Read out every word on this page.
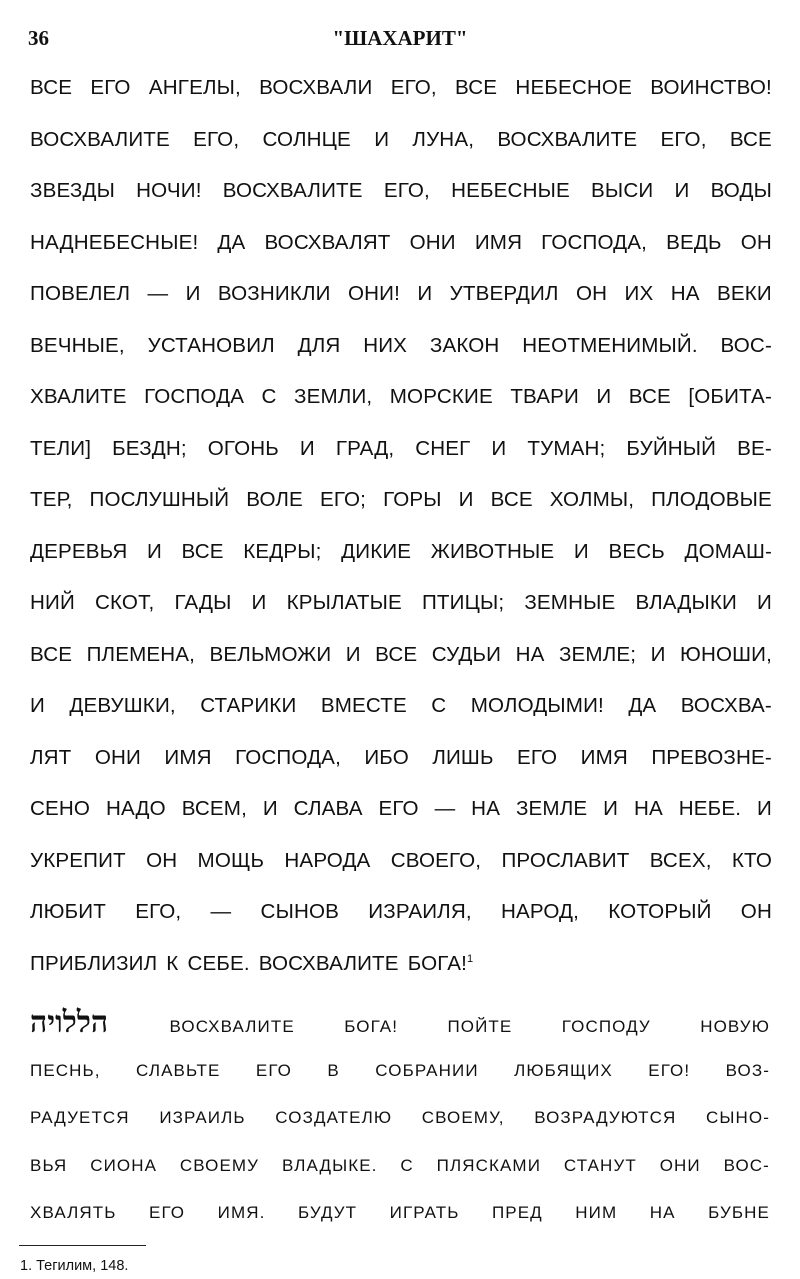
36	"ШАХАРИТ"
ВСЕ ЕГО АНГЕЛЫ, ВОСХВАЛИ ЕГО, ВСЕ НЕБЕСНОЕ ВОИНСТВО!
ВОСХВАЛИТЕ ЕГО, СОЛНЦЕ И ЛУНА, ВОСХВАЛИТЕ ЕГО, ВСЕ
ЗВЕЗДЫ НОЧИ! ВОСХВАЛИТЕ ЕГО, НЕБЕСНЫЕ ВЫСИ И ВОДЫ
НАДНЕБЕСНЫЕ! ДА ВОСХВАЛЯТ ОНИ ИМЯ ГОСПОДА, ВЕДЬ ОН
ПОВЕЛЕЛ — И ВОЗНИКЛИ ОНИ! И УТВЕРДИЛ ОН ИХ НА ВЕКИ
ВЕЧНЫЕ, УСТАНОВИЛ ДЛЯ НИХ ЗАКОН НЕОТМЕНИМЫЙ. ВОС-
ХВАЛИТЕ ГОСПОДА С ЗЕМЛИ, МОРСКИЕ ТВАРИ И ВСЕ [ОБИТА-
ТЕЛИ] БЕЗДН; ОГОНЬ И ГРАД, СНЕГ И ТУМАН; БУЙНЫЙ ВЕ-
ТЕР, ПОСЛУШНЫЙ ВОЛЕ ЕГО; ГОРЫ И ВСЕ ХОЛМЫ, ПЛОДОВЫЕ
ДЕРЕВЬЯ И ВСЕ КЕДРЫ; ДИКИЕ ЖИВОТНЫЕ И ВЕСЬ ДОМАШ-
НИЙ СКОТ, ГАДЫ И КРЫЛАТЫЕ ПТИЦЫ; ЗЕМНЫЕ ВЛАДЫКИ И
ВСЕ ПЛЕМЕНА, ВЕЛЬМОЖИ И ВСЕ СУДЬИ НА ЗЕМЛЕ; И ЮНОШИ,
И ДЕВУШКИ, СТАРИКИ ВМЕСТЕ С МОЛОДЫМИ! ДА ВОСХВА-
ЛЯТ ОНИ ИМЯ ГОСПОДА, ИБО ЛИШЬ ЕГО ИМЯ ПРЕВОЗНЕ-
СЕНО НАДО ВСЕМ, И СЛАВА ЕГО — НА ЗЕМЛЕ И НА НЕБЕ. И
УКРЕПИТ ОН МОЩЬ НАРОДА СВОЕГО, ПРОСЛАВИТ ВСЕХ, КТО
ЛЮБИТ ЕГО, — СЫНОВ ИЗРАИЛЯ, НАРОД, КОТОРЫЙ ОН
ПРИБЛИЗИЛ К СЕБЕ. ВОСХВАЛИТЕ БОГА!$^1$
הללויה	ВОСХВАЛИТЕ	БОГА!	ПОЙТЕ	ГОСПОДУ	НОВУЮ
ПЕСНЬ, СЛАВЬТЕ ЕГО В СОБРАНИИ ЛЮБЯЩИХ ЕГО! ВОЗ-
РАДУЕТСЯ ИЗРАИЛЬ СОЗДАТЕЛЮ СВОЕМУ, ВОЗРАДУЮТСЯ СЫНО-
ВЬЯ СИОНА СВОЕМУ ВЛАДЫКЕ. С ПЛЯСКАМИ СТАНУТ ОНИ ВОС-
ХВАЛЯТЬ ЕГО ИМЯ. БУДУТ ИГРАТЬ ПРЕД НИМ НА БУБНЕ
1. Тегилим, 148.
